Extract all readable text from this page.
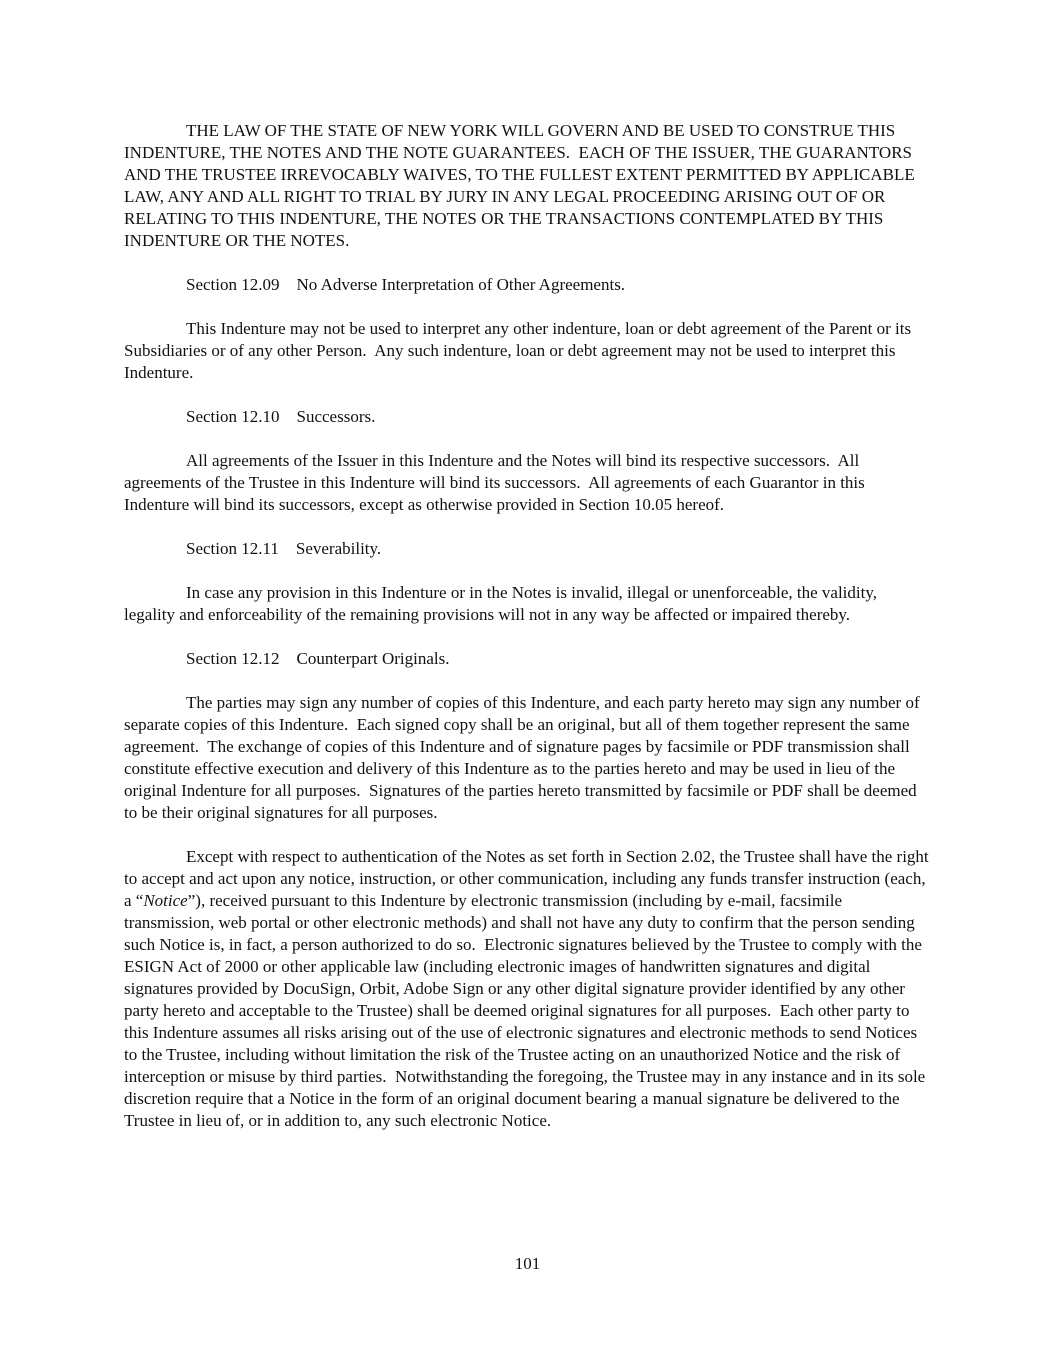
THE LAW OF THE STATE OF NEW YORK WILL GOVERN AND BE USED TO CONSTRUE THIS INDENTURE, THE NOTES AND THE NOTE GUARANTEES.  EACH OF THE ISSUER, THE GUARANTORS AND THE TRUSTEE IRREVOCABLY WAIVES, TO THE FULLEST EXTENT PERMITTED BY APPLICABLE LAW, ANY AND ALL RIGHT TO TRIAL BY JURY IN ANY LEGAL PROCEEDING ARISING OUT OF OR RELATING TO THIS INDENTURE, THE NOTES OR THE TRANSACTIONS CONTEMPLATED BY THIS INDENTURE OR THE NOTES.

Section 12.09 No Adverse Interpretation of Other Agreements.

This Indenture may not be used to interpret any other indenture, loan or debt agreement of the Parent or its Subsidiaries or of any other Person.  Any such indenture, loan or debt agreement may not be used to interpret this Indenture.

Section 12.10 Successors.

All agreements of the Issuer in this Indenture and the Notes will bind its respective successors.  All agreements of the Trustee in this Indenture will bind its successors.  All agreements of each Guarantor in this Indenture will bind its successors, except as otherwise provided in Section 10.05 hereof.

Section 12.11 Severability.

In case any provision in this Indenture or in the Notes is invalid, illegal or unenforceable, the validity, legality and enforceability of the remaining provisions will not in any way be affected or impaired thereby.

Section 12.12 Counterpart Originals.

The parties may sign any number of copies of this Indenture, and each party hereto may sign any number of separate copies of this Indenture.  Each signed copy shall be an original, but all of them together represent the same agreement.  The exchange of copies of this Indenture and of signature pages by facsimile or PDF transmission shall constitute effective execution and delivery of this Indenture as to the parties hereto and may be used in lieu of the original Indenture for all purposes.  Signatures of the parties hereto transmitted by facsimile or PDF shall be deemed to be their original signatures for all purposes.

Except with respect to authentication of the Notes as set forth in Section 2.02, the Trustee shall have the right to accept and act upon any notice, instruction, or other communication, including any funds transfer instruction (each, a “Notice”), received pursuant to this Indenture by electronic transmission (including by e-mail, facsimile transmission, web portal or other electronic methods) and shall not have any duty to confirm that the person sending such Notice is, in fact, a person authorized to do so.  Electronic signatures believed by the Trustee to comply with the ESIGN Act of 2000 or other applicable law (including electronic images of handwritten signatures and digital signatures provided by DocuSign, Orbit, Adobe Sign or any other digital signature provider identified by any other party hereto and acceptable to the Trustee) shall be deemed original signatures for all purposes.  Each other party to this Indenture assumes all risks arising out of the use of electronic signatures and electronic methods to send Notices to the Trustee, including without limitation the risk of the Trustee acting on an unauthorized Notice and the risk of interception or misuse by third parties.  Notwithstanding the foregoing, the Trustee may in any instance and in its sole discretion require that a Notice in the form of an original document bearing a manual signature be delivered to the Trustee in lieu of, or in addition to, any such electronic Notice.

101
